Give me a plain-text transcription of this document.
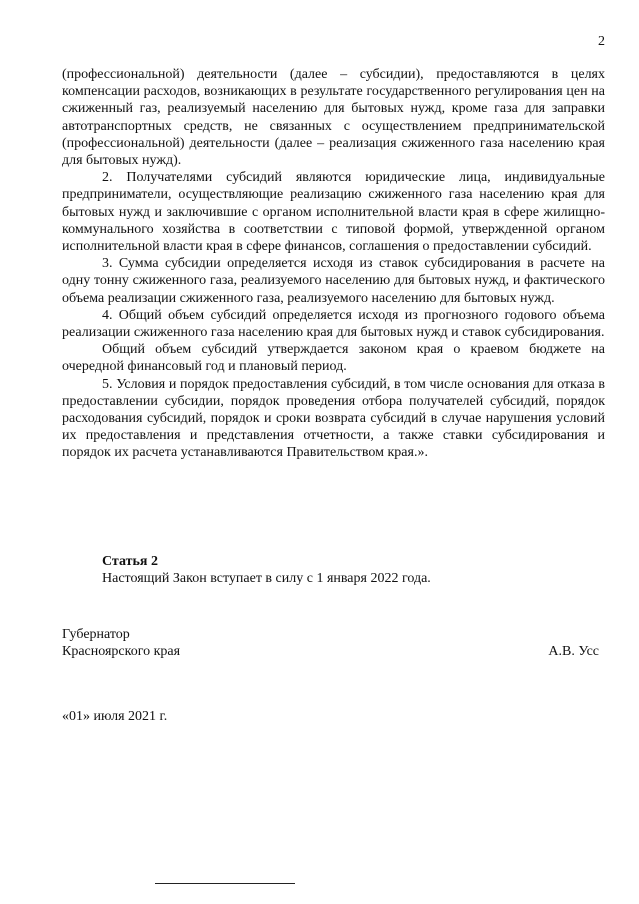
2

(профессиональной) деятельности (далее – субсидии), предоставляются в целях компенсации расходов, возникающих в результате государственного регулирования цен на сжиженный газ, реализуемый населению для бытовых нужд, кроме газа для заправки автотранспортных средств, не связанных с осуществлением предпринимательской (профессиональной) деятельности (далее – реализация сжиженного газа населению края для бытовых нужд).

2. Получателями субсидий являются юридические лица, индивидуальные предприниматели, осуществляющие реализацию сжиженного газа населению края для бытовых нужд и заключившие с органом исполнительной власти края в сфере жилищно-коммунального хозяйства в соответствии с типовой формой, утвержденной органом исполнительной власти края в сфере финансов, соглашения о предоставлении субсидий.

3. Сумма субсидии определяется исходя из ставок субсидирования в расчете на одну тонну сжиженного газа, реализуемого населению для бытовых нужд, и фактического объема реализации сжиженного газа, реализуемого населению для бытовых нужд.

4. Общий объем субсидий определяется исходя из прогнозного годового объема реализации сжиженного газа населению края для бытовых нужд и ставок субсидирования.

Общий объем субсидий утверждается законом края о краевом бюджете на очередной финансовый год и плановый период.

5. Условия и порядок предоставления субсидий, в том числе основания для отказа в предоставлении субсидии, порядок проведения отбора получателей субсидий, порядок расходования субсидий, порядок и сроки возврата субсидий в случае нарушения условий их предоставления и представления отчетности, а также ставки субсидирования и порядок их расчета устанавливаются Правительством края.».

Статья 2
Настоящий Закон вступает в силу с 1 января 2022 года.
Губернатор
Красноярского края	А.В. Усс
«01» июля 2021 г.
